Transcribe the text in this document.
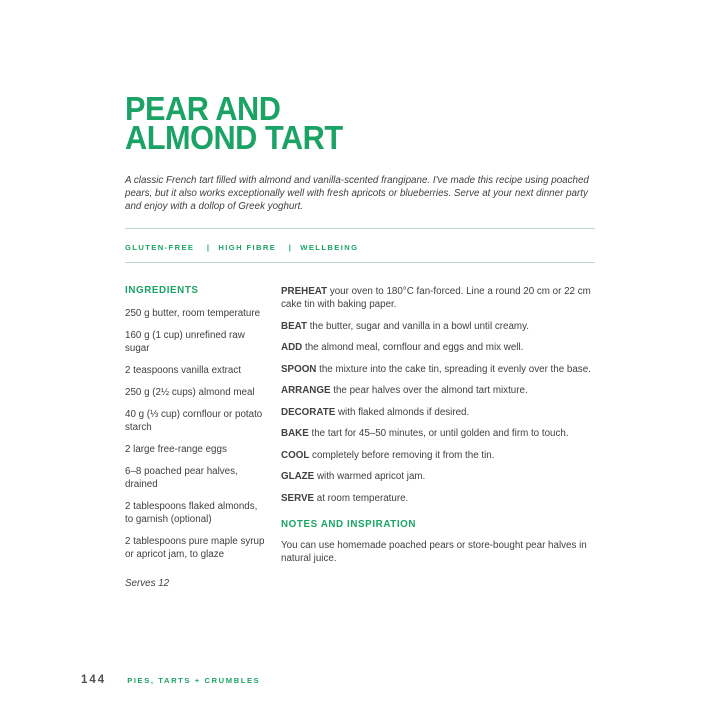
PEAR AND
ALMOND TART

A classic French tart filled with almond and vanilla-scented frangipane. I've made this recipe using poached pears, but it also works exceptionally well with fresh apricots or blueberries. Serve at your next dinner party and enjoy with a dollop of Greek yoghurt.

GLUTEN-FREE | HIGH FIBRE | WELLBEING
INGREDIENTS

250 g butter, room temperature

160 g (1 cup) unrefined raw sugar

2 teaspoons vanilla extract

250 g (2½ cups) almond meal

40 g (⅓ cup) cornflour or potato starch

2 large free-range eggs

6–8 poached pear halves, drained

2 tablespoons flaked almonds, to garnish (optional)

2 tablespoons pure maple syrup or apricot jam, to glaze

Serves 12

PREHEAT your oven to 180°C fan-forced. Line a round 20 cm or 22 cm cake tin with baking paper.

BEAT the butter, sugar and vanilla in a bowl until creamy.

ADD the almond meal, cornflour and eggs and mix well.

SPOON the mixture into the cake tin, spreading it evenly over the base.

ARRANGE the pear halves over the almond tart mixture.

DECORATE with flaked almonds if desired.

BAKE the tart for 45–50 minutes, or until golden and firm to touch.

COOL completely before removing it from the tin.

GLAZE with warmed apricot jam.

SERVE at room temperature.

NOTES AND INSPIRATION

You can use homemade poached pears or store-bought pear halves in natural juice.

144	PIES, TARTS + CRUMBLES
